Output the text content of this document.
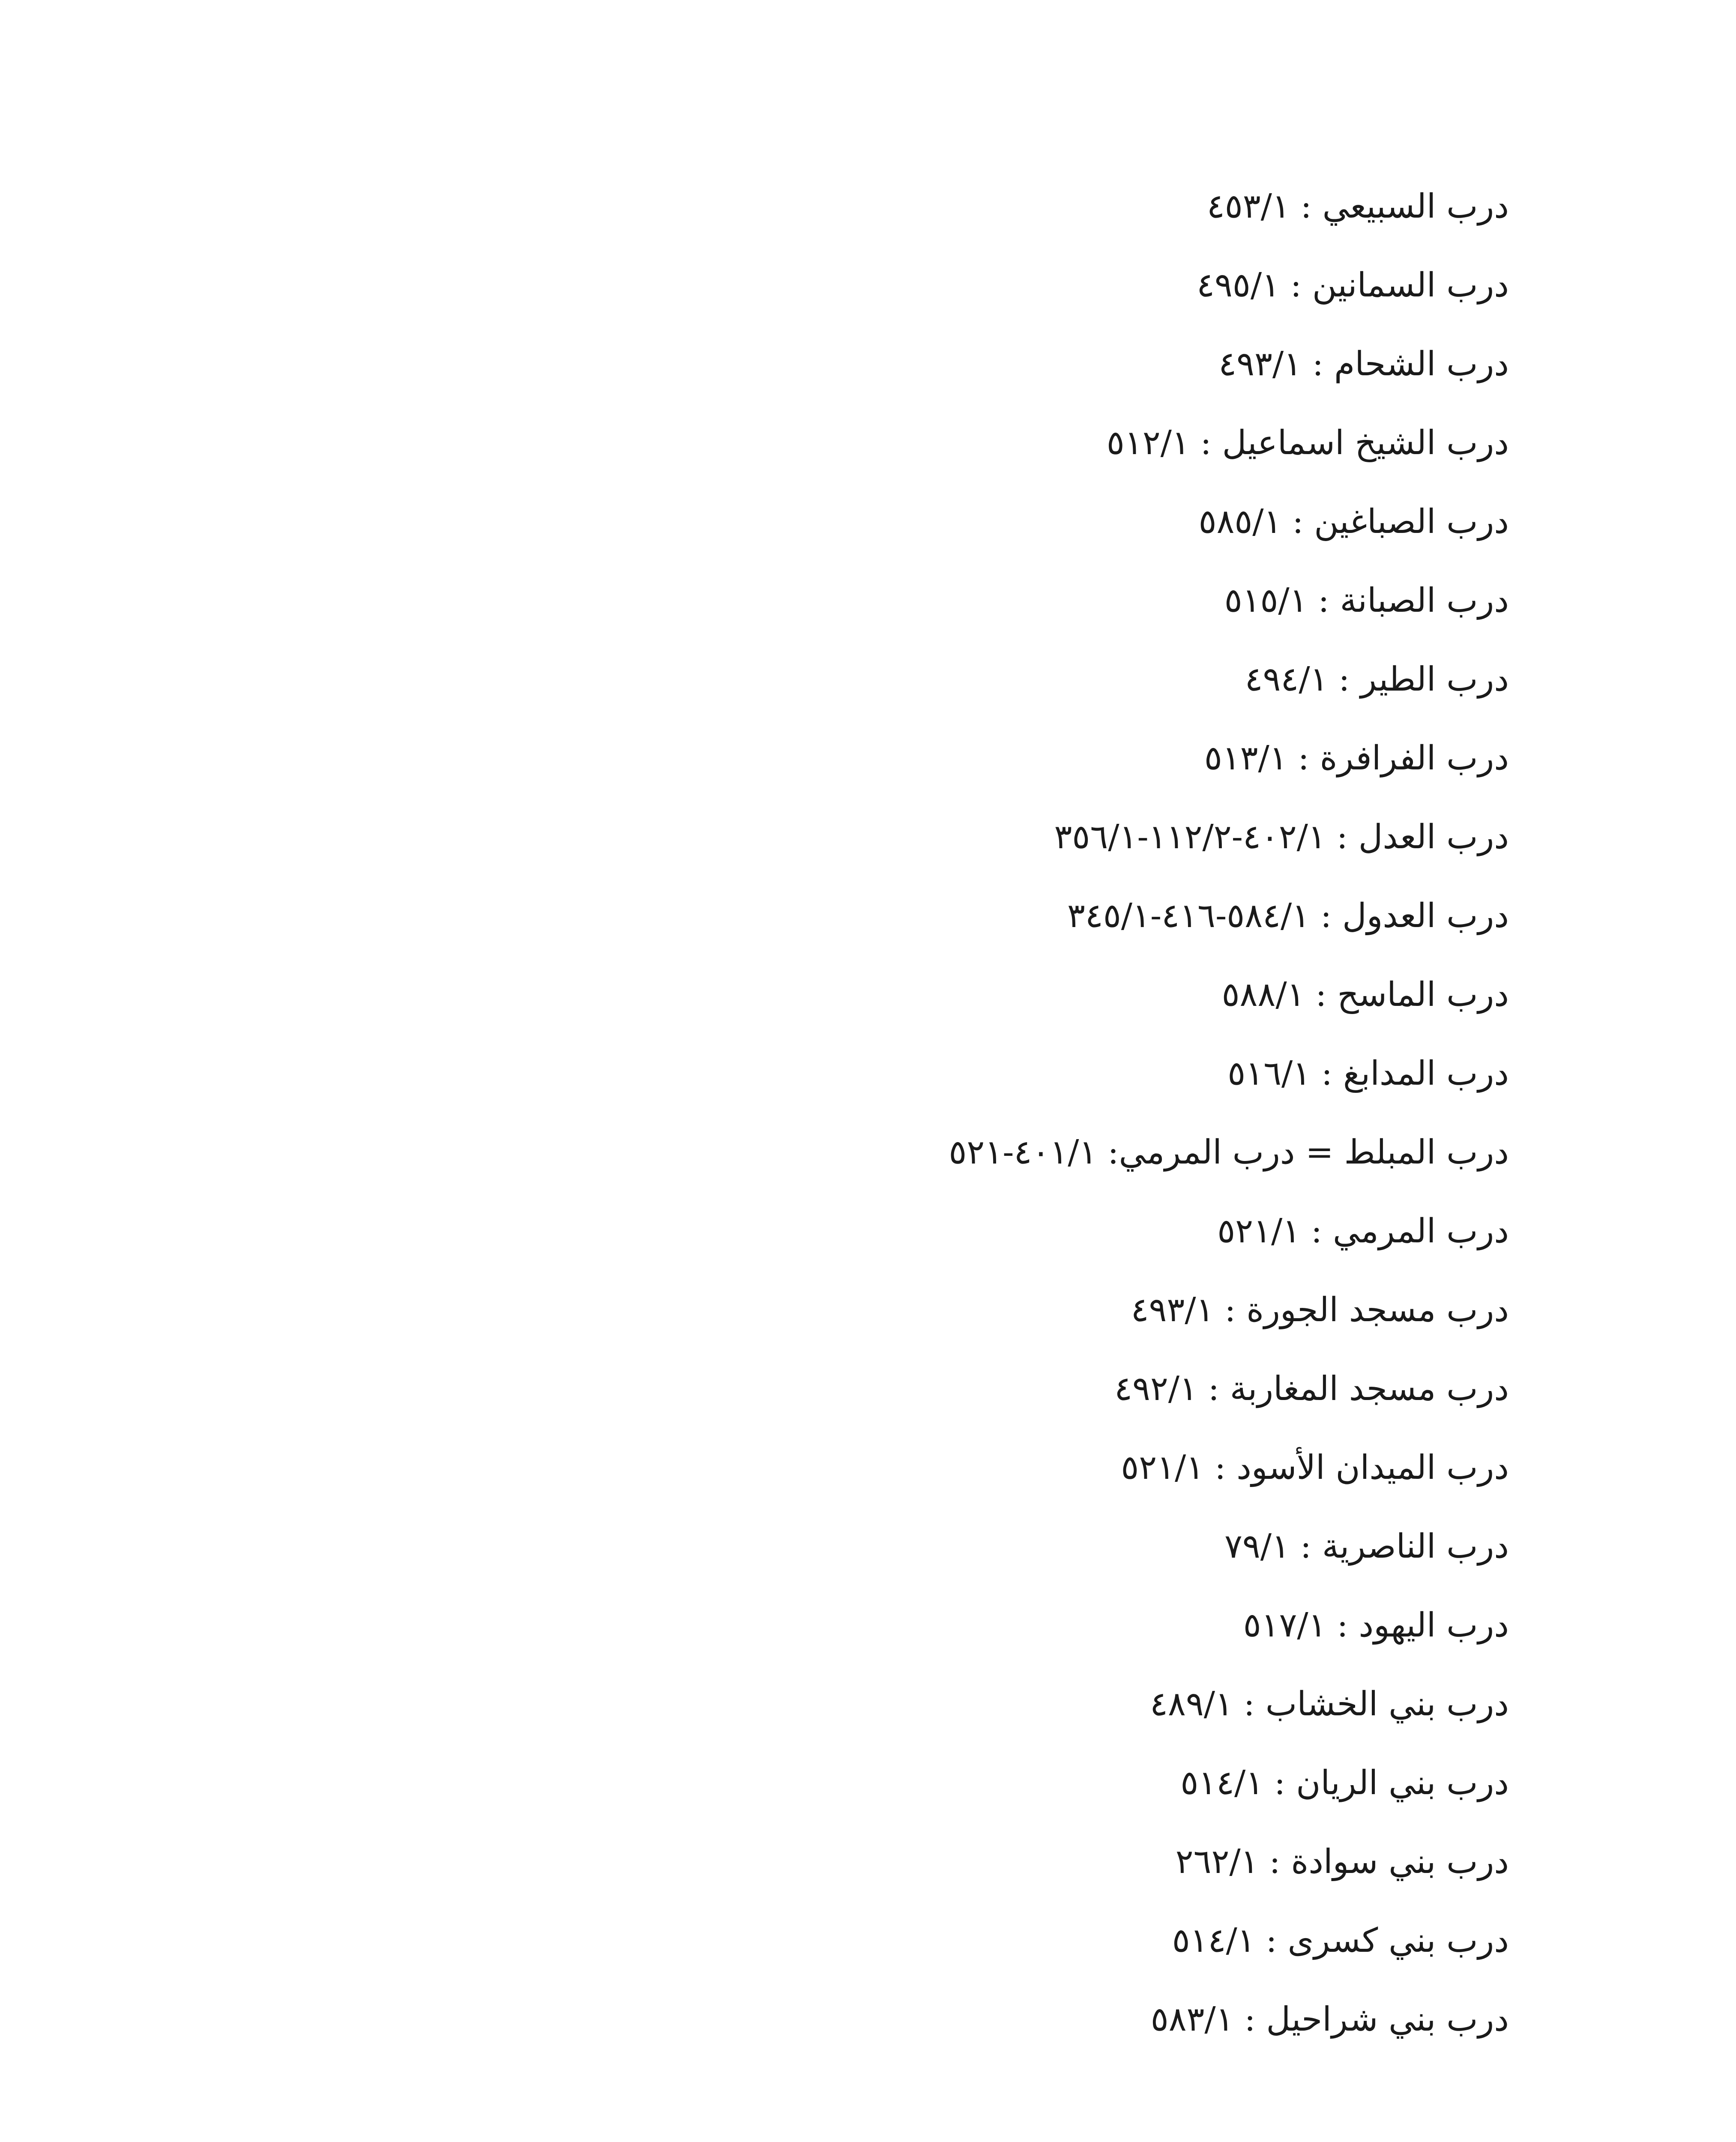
درب السبيعي : ٤٥٣/١
درب السمانين : ٤٩٥/١
درب الشحام : ٤٩٣/١
درب الشيخ اسماعيل : ٥١٢/١
درب الصباغين : ٥٨٥/١
درب الصبانة : ٥١٥/١
درب الطير : ٤٩٤/١
درب الفرافرة : ٥١٣/١
درب العدل : ٤٠٢/١-١١٢/٢-٣٥٦/١
درب العدول : ٥٨٤/١-٤١٦-٣٤٥/١
درب الماسح : ٥٨٨/١
درب المدابغ : ٥١٦/١
درب المبلط = درب المرمي: ٤٠١/١-٥٢١
درب المرمي : ٥٢١/١
درب مسجد الجورة : ٤٩٣/١
درب مسجد المغاربة : ٤٩٢/١
درب الميدان الأسود : ٥٢١/١
درب الناصرية : ٧٩/١
درب اليهود : ٥١٧/١
درب بني الخشاب : ٤٨٩/١
درب بني الريان : ٥١٤/١
درب بني سوادة : ٢٦٢/١
درب بني كسرى : ٥١٤/١
درب بني شراحيل : ٥٨٣/١
